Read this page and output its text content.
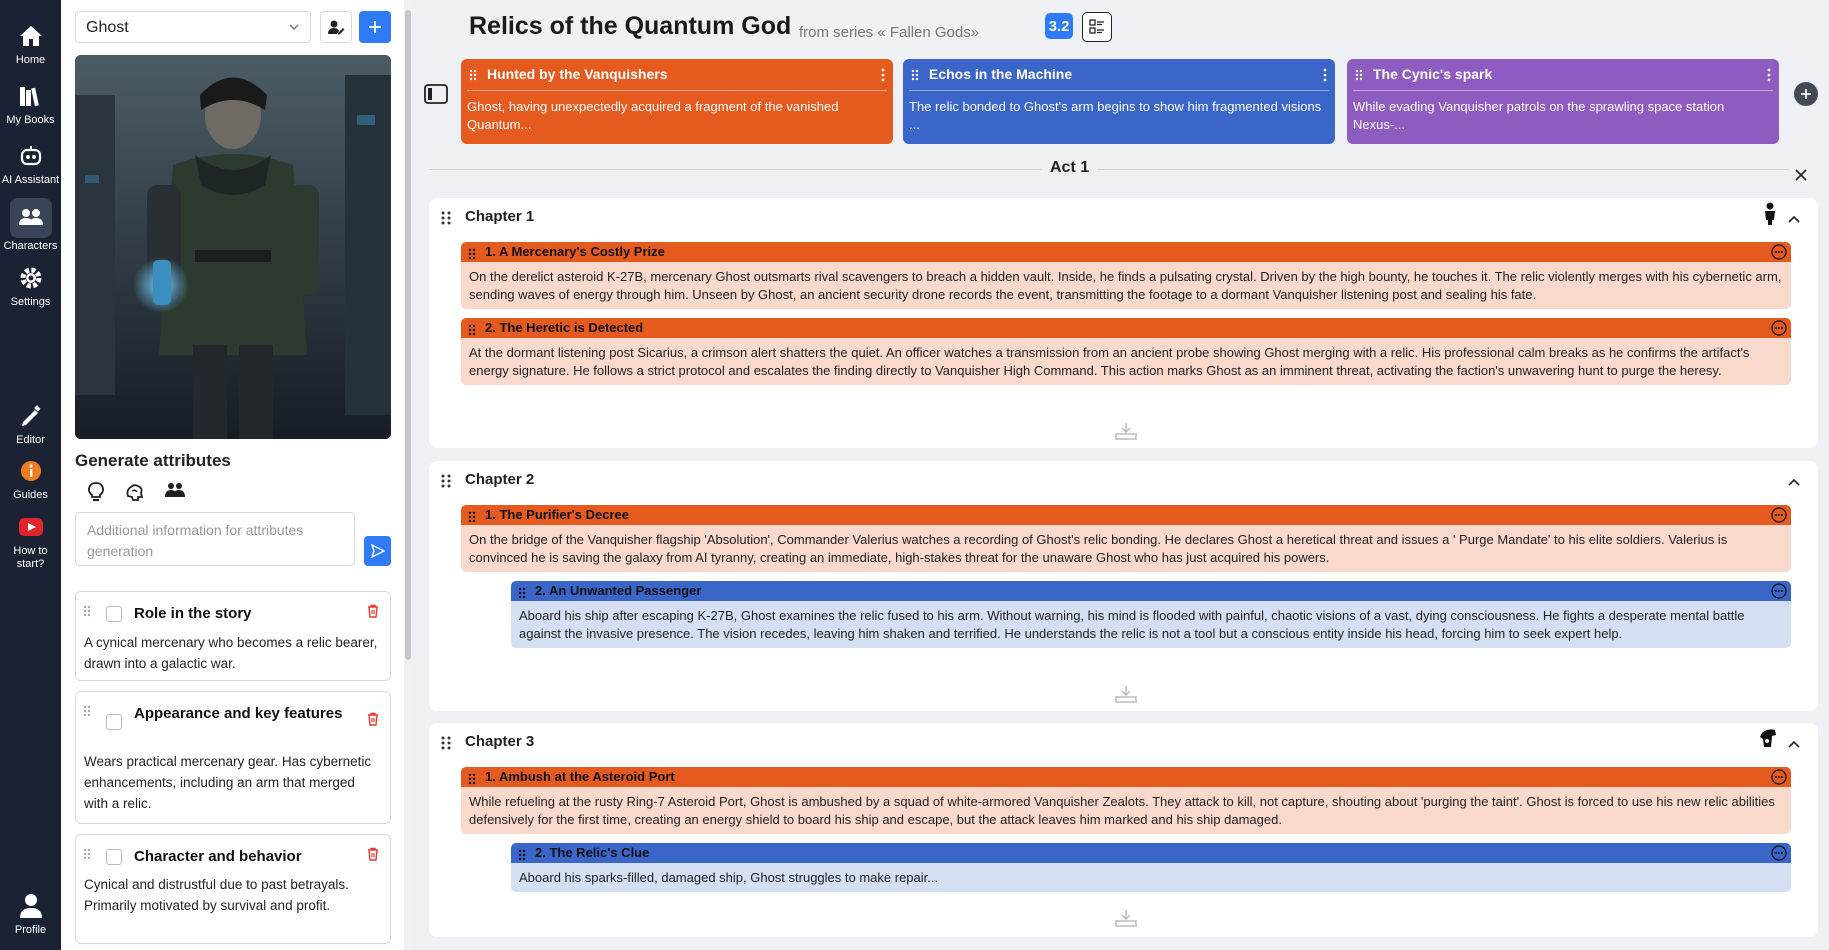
Home
My Books
AI Assistant
Characters
Settings
Editor
Guides
How to start?
Profile
Ghost
Generate attributes
Additional information for attributes generation
Role in the story
A cynical mercenary who becomes a relic bearer, drawn into a galactic war.
Appearance and key features
Wears practical mercenary gear. Has cybernetic enhancements, including an arm that merged with a relic.
Character and behavior
Cynical and distrustful due to past betrayals. Primarily motivated by survival and profit.
Relics of the Quantum God from series « Fallen Gods»	3.2
Hunted by the Vanquishers
Ghost, having unexpectedly acquired a fragment of the vanished Quantum...
Echos in the Machine
The relic bonded to Ghost's arm begins to show him fragmented visions ...
The Cynic's spark
While evading Vanquisher patrols on the sprawling space station Nexus-...
Act 1
Chapter 1
1. A Mercenary's Costly Prize
On the derelict asteroid K-27B, mercenary Ghost outsmarts rival scavengers to breach a hidden vault. Inside, he finds a pulsating crystal. Driven by the high bounty, he touches it. The relic violently merges with his cybernetic arm, sending waves of energy through him. Unseen by Ghost, an ancient security drone records the event, transmitting the footage to a dormant Vanquisher listening post and sealing his fate.
2. The Heretic is Detected
At the dormant listening post Sicarius, a crimson alert shatters the quiet. An officer watches a transmission from an ancient probe showing Ghost merging with a relic. His professional calm breaks as he confirms the artifact's energy signature. He follows a strict protocol and escalates the finding directly to Vanquisher High Command. This action marks Ghost as an imminent threat, activating the faction's unwavering hunt to purge the heresy.
Chapter 2
1. The Purifier's Decree
On the bridge of the Vanquisher flagship 'Absolution', Commander Valerius watches a recording of Ghost's relic bonding. He declares Ghost a heretical threat and issues a ' Purge Mandate' to his elite soldiers. Valerius is convinced he is saving the galaxy from AI tyranny, creating an immediate, high-stakes threat for the unaware Ghost who has just acquired his powers.
2. An Unwanted Passenger
Aboard his ship after escaping K-27B, Ghost examines the relic fused to his arm. Without warning, his mind is flooded with painful, chaotic visions of a vast, dying consciousness. He fights a desperate mental battle against the invasive presence. The vision recedes, leaving him shaken and terrified. He understands the relic is not a tool but a conscious entity inside his head, forcing him to seek expert help.
Chapter 3
1. Ambush at the Asteroid Port
While refueling at the rusty Ring-7 Asteroid Port, Ghost is ambushed by a squad of white-armored Vanquisher Zealots. They attack to kill, not capture, shouting about 'purging the taint'. Ghost is forced to use his new relic abilities defensively for the first time, creating an energy shield to board his ship and escape, but the attack leaves him marked and his ship damaged.
2. The Relic's Clue
Aboard his sparks-filled, damaged ship, Ghost struggles to make repair...
